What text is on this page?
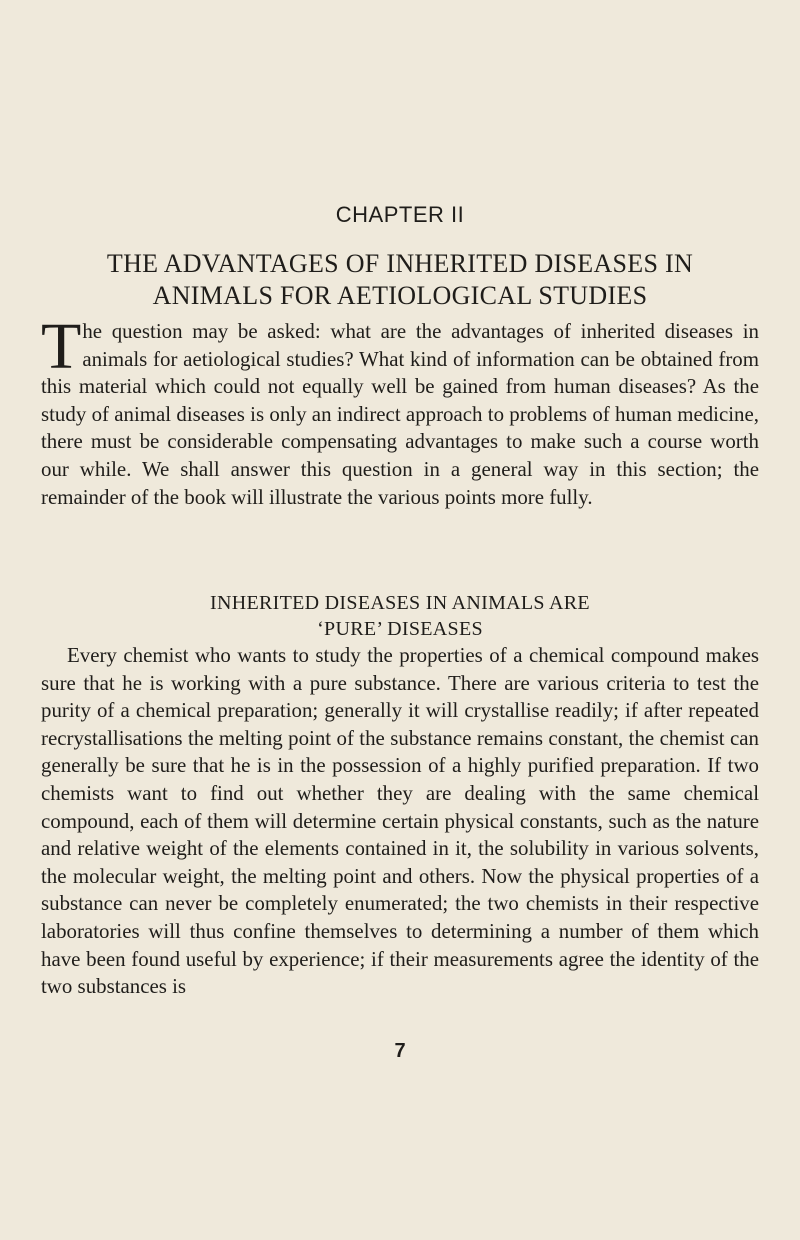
CHAPTER II
THE ADVANTAGES OF INHERITED DISEASES IN
ANIMALS FOR AETIOLOGICAL STUDIES

The question may be asked: what are the advantages of inherited diseases in animals for aetiological studies? What kind of information can be obtained from this material which could not equally well be gained from human diseases? As the study of animal diseases is only an indirect approach to problems of human medicine, there must be considerable compensating advantages to make such a course worth our while. We shall answer this question in a general way in this section; the remainder of the book will illustrate the various points more fully.

INHERITED DISEASES IN ANIMALS ARE
‘PURE’ DISEASES

Every chemist who wants to study the properties of a chemical compound makes sure that he is working with a pure substance. There are various criteria to test the purity of a chemical preparation; generally it will crystallise readily; if after repeated recrystallisations the melting point of the substance remains constant, the chemist can generally be sure that he is in the possession of a highly purified preparation. If two chemists want to find out whether they are dealing with the same chemical compound, each of them will determine certain physical constants, such as the nature and relative weight of the elements contained in it, the solubility in various solvents, the molecular weight, the melting point and others. Now the physical properties of a substance can never be completely enumerated; the two chemists in their respective laboratories will thus confine themselves to determining a number of them which have been found useful by experience; if their measurements agree the identity of the two substances is

7
